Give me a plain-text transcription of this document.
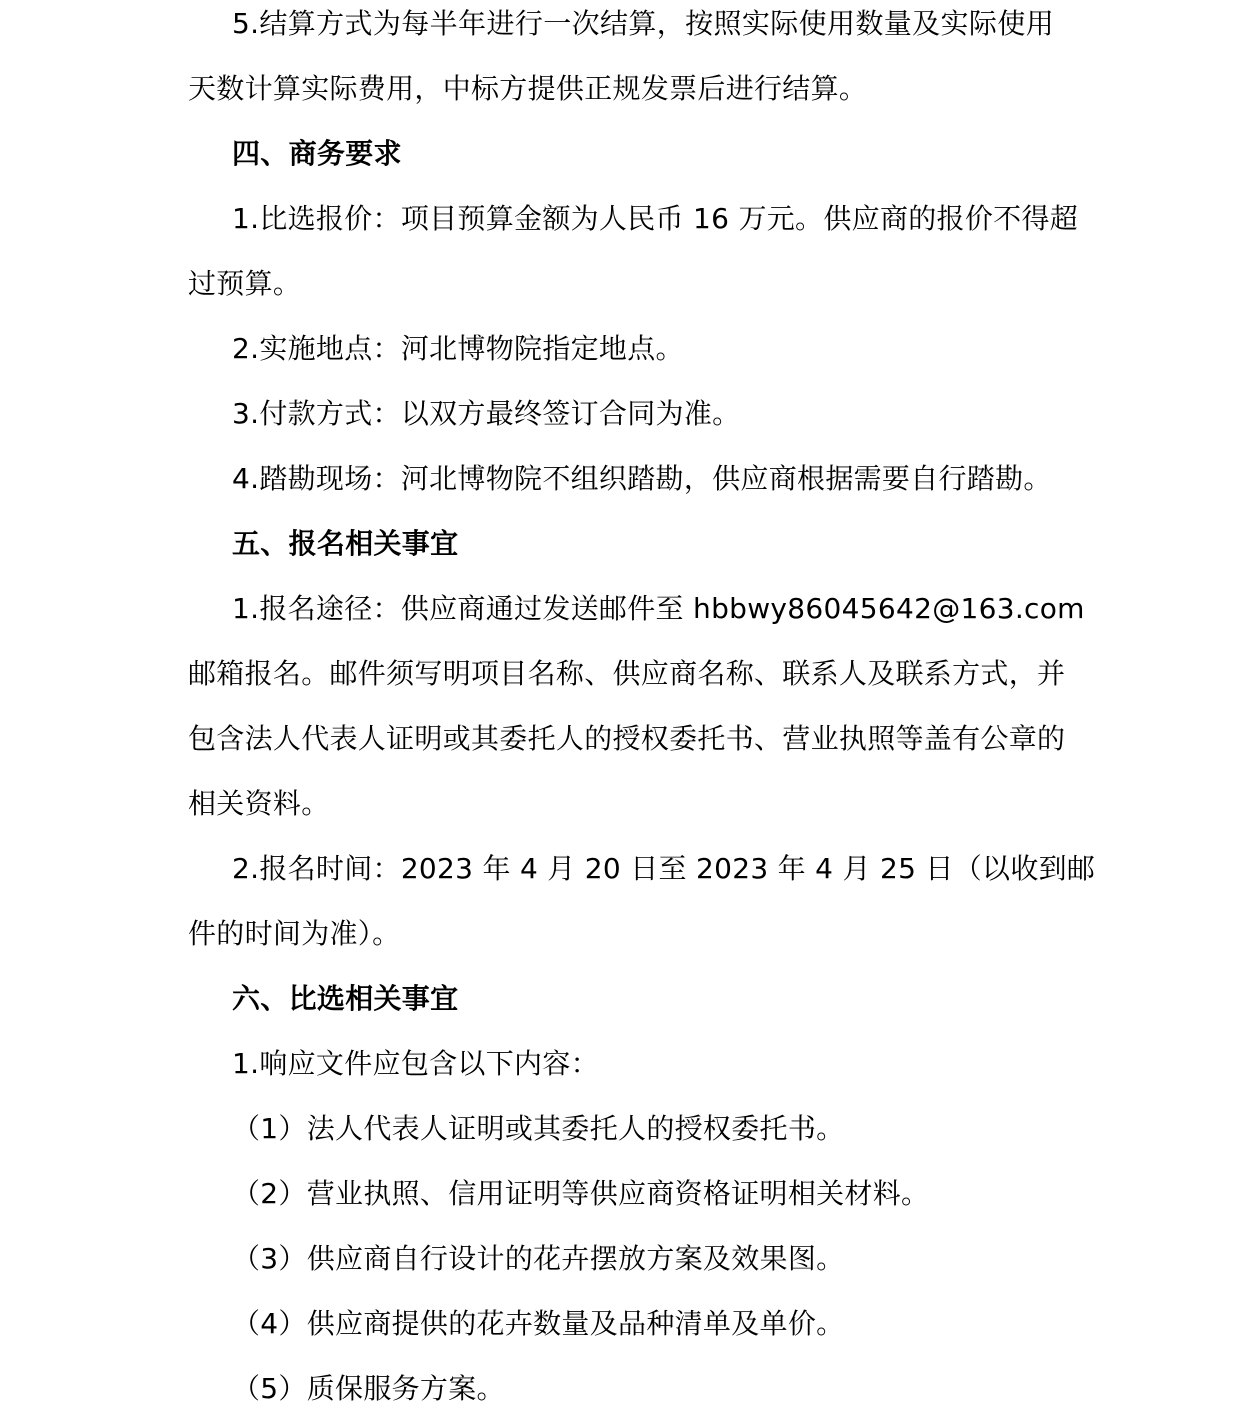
5.结算方式为每半年进行一次结算，按照实际使用数量及实际使用
天数计算实际费用，中标方提供正规发票后进行结算。
四、商务要求
1.比选报价：项目预算金额为人民币 16 万元。供应商的报价不得超
过预算。
2.实施地点：河北博物院指定地点。
3.付款方式：以双方最终签订合同为准。
4.踏勘现场：河北博物院不组织踏勘，供应商根据需要自行踏勘。
五、报名相关事宜
1.报名途径：供应商通过发送邮件至 hbbwy86045642@163.com
邮箱报名。邮件须写明项目名称、供应商名称、联系人及联系方式，并
包含法人代表人证明或其委托人的授权委托书、营业执照等盖有公章的
相关资料。
2.报名时间：2023 年 4 月 20 日至 2023 年 4 月 25 日（以收到邮
件的时间为准）。
六、比选相关事宜
1.响应文件应包含以下内容：
（1）法人代表人证明或其委托人的授权委托书。
（2）营业执照、信用证明等供应商资格证明相关材料。
（3）供应商自行设计的花卉摆放方案及效果图。
（4）供应商提供的花卉数量及品种清单及单价。
（5）质保服务方案。
